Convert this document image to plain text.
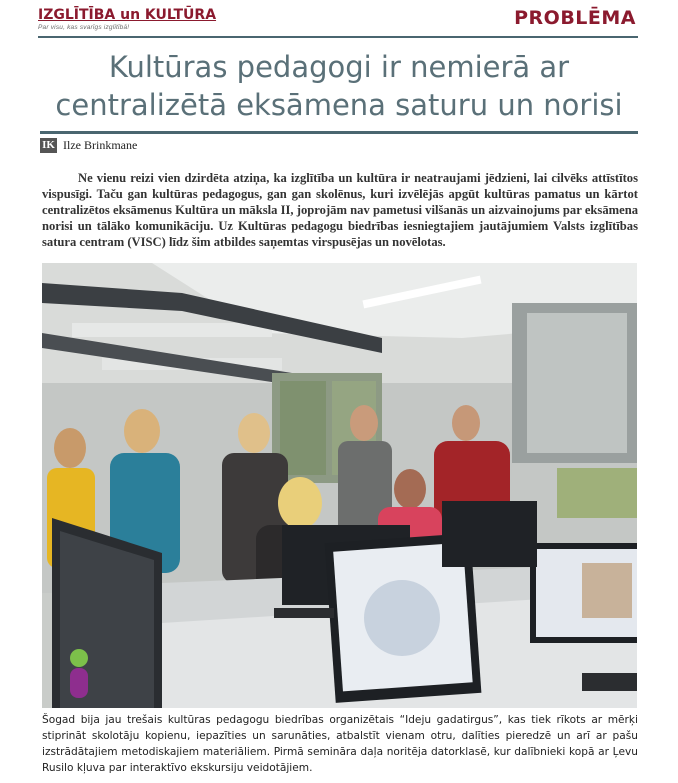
IZGLĪTĪBA un KULTŪRA
Par visu, kas svarīgs izglītībā!	PROBLĒMA
Kultūras pedagogi ir nemierā ar centralizētā eksāmena saturu un norisi
IK Ilze Brinkmane

Ne vienu reizi vien dzirdēta atziņa, ka izglītība un kultūra ir neatraujami jēdzieni, lai cilvēks attīstītos vispusīgi. Taču gan kultūras pedagogus, gan gan skolēnus, kuri izvēlējās apgūt kultūras pamatus un kārtot centralizētos eksāmenus Kultūra un māksla II, joprojām nav pametusi vilšanās un aizvainojums par eksāmena norisi un tālāko komunikāciju. Uz Kultūras pedagogu biedrības iesniegtajiem jautājumiem Valsts izglītības satura centram (VISC) līdz šim atbildes saņemtas virspusējas un novēlotas.

Šogad bija jau trešais kultūras pedagogu biedrības organizētais “Ideju gadatirgus”, kas tiek rīkots ar mērķi stiprināt skolotāju kopienu, iepazīties un sarunāties, atbalstīt vienam otru, dalīties pieredzē un arī ar pašu izstrādātajiem metodiskajiem materiāliem. Pirmā semināra daļa noritēja datorklasē, kur dalībnieki kopā ar Ļevu Rusilo kļuva par interaktīvo ekskursiju veidotājiem.
